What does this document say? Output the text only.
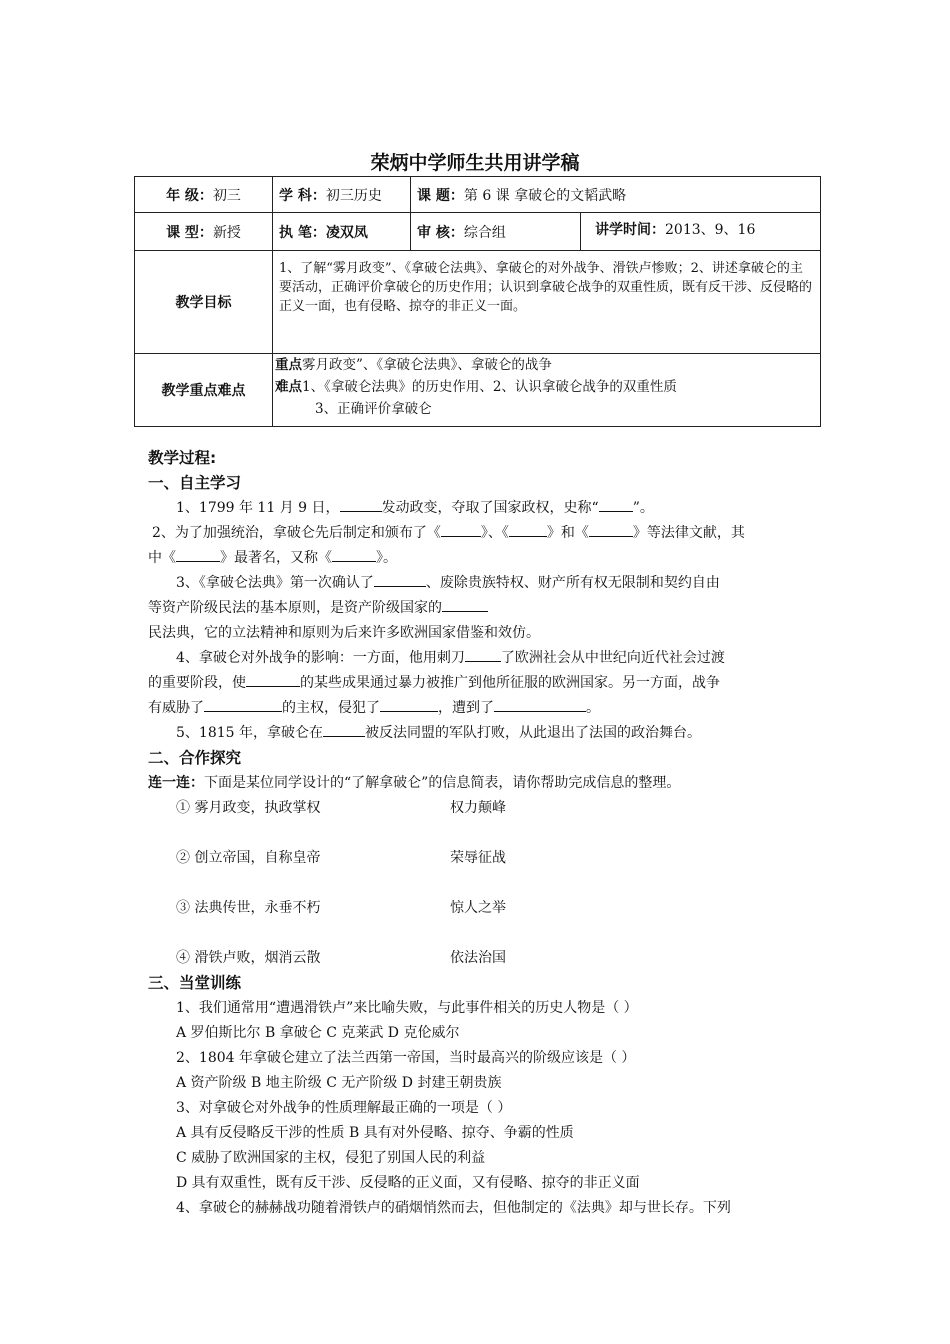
荣炳中学师生共用讲学稿
年 级：初三	学 科：初三历史	课 题：第 6 课 拿破仑的文韬武略	
课 型：新授	执 笔：凌双凤	审 核：综合组	讲学时间：2013、9、16
教学目标	1、了解“雾月政变”、《拿破仑法典》、拿破仑的对外战争、滑铁卢惨败；2、讲述拿破仑的主要活动，正确评价拿破仑的历史作用；认识到拿破仑战争的双重性质，既有反干涉、反侵略的正义一面，也有侵略、掠夺的非正义一面。		
教学重点难点	重点雾月政变”、《拿破仑法典》、拿破仑的战争
难点1、《拿破仑法典》的历史作用、2、认识拿破仑战争的双重性质
3、正确评价拿破仑		
教学过程:
一、自主学习
1、1799 年 11 月 9 日，	发动政变，夺取了国家政权，史称“ ”。
2、为了加强统治，拿破仑先后制定和颁布了《	》、《	》和《	》等法律文献，其
中《	》最著名，又称《	》。
3、《拿破仑法典》第一次确认了	、废除贵族特权、财产所有权无限制和契约自由
等资产阶级民法的基本原则，是资产阶级国家的
民法典，它的立法精神和原则为后来许多欧洲国家借鉴和效仿。
4、拿破仑对外战争的影响：一方面，他用刺刀	了欧洲社会从中世纪向近代社会过渡
的重要阶段，使	的某些成果通过暴力被推广到他所征服的欧洲国家。另一方面，战争
有威胁了	的主权，侵犯了	，遭到了	。
5、1815 年，拿破仑在	被反法同盟的军队打败，从此退出了法国的政治舞台。
二、合作探究
连一连：下面是某位同学设计的“了解拿破仑”的信息简表，请你帮助完成信息的整理。
① 雾月政变，执政掌权	权力颠峰
② 创立帝国，自称皇帝	荣辱征战
③ 法典传世，永垂不朽	惊人之举
④ 滑铁卢败，烟消云散	依法治国
三、当堂训练
1、我们通常用“遭遇滑铁卢”来比喻失败，与此事件相关的历史人物是（ ）
A 罗伯斯比尔 B 拿破仑 C 克莱武 D 克伦威尔
2、1804 年拿破仑建立了法兰西第一帝国，当时最高兴的阶级应该是（ ）
A 资产阶级 B 地主阶级 C 无产阶级 D 封建王朝贵族
3、对拿破仑对外战争的性质理解最正确的一项是（ ）
A 具有反侵略反干涉的性质 B 具有对外侵略、掠夺、争霸的性质
C 威胁了欧洲国家的主权，侵犯了别国人民的利益
D 具有双重性，既有反干涉、反侵略的正义面，又有侵略、掠夺的非正义面
4、拿破仑的赫赫战功随着滑铁卢的硝烟悄然而去，但他制定的《法典》却与世长存。下列
